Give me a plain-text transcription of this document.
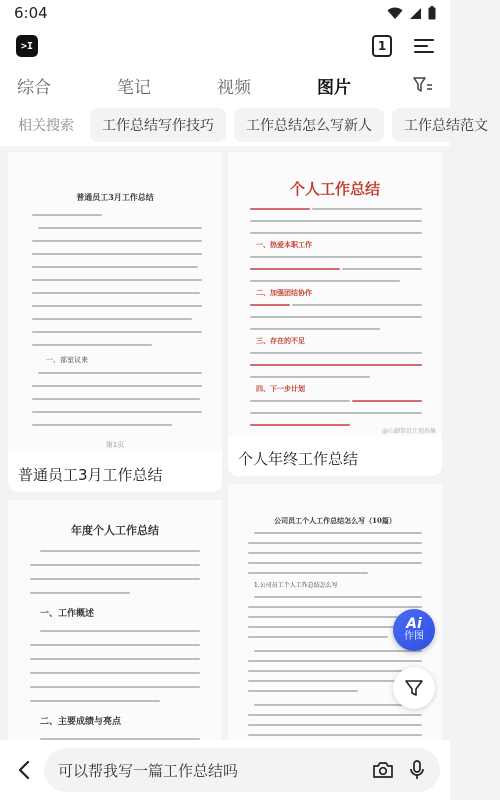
6:04
>I	1
综合	笔记	视频	图片
相关搜索	工作总结写作技巧	工作总结怎么写新人	工作总结范文
普通员工3月工作总结
一、部室议来
第1页
普通员工3月工作总结
个人工作总结
一、热爱本职工作
二、加强团结协作
三、存在的不足
四、下一步计划
@山御帮设计现场集
个人年终工作总结
年度个人工作总结
一、工作概述
二、主要成绩与亮点
公司员工个人工作总结怎么写（10篇）
1.公司员工个人工作总结怎么写
Ai
作图
可以帮我写一篇工作总结吗
